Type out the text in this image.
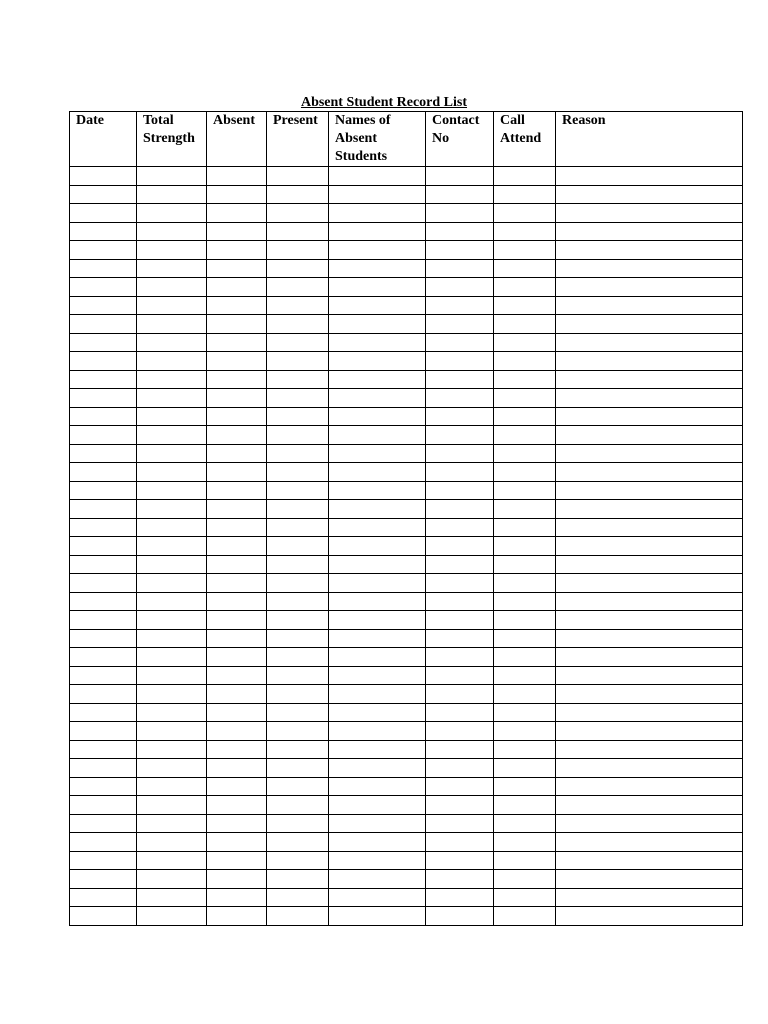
Absent Student Record List
Date	Total Strength	Absent	Present	Names of Absent Students	Contact No	Call Attend	Reason
